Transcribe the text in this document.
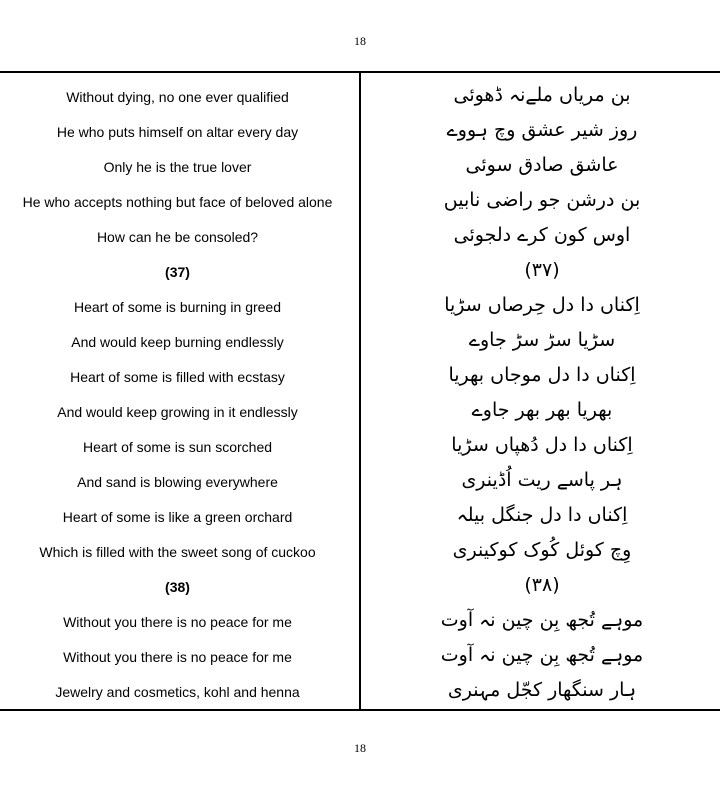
18
Without dying, no one ever qualified	بن مریاں ملےنہ ڈھوئی
He who puts himself on altar every day	روز شیر عشق وچ ہووے
Only he is the true lover	عاشق صادق سوئی
He who accepts nothing but face of beloved alone	بن درشن جو راضی نابیں
How can he be consoled?	اوس کون کرے دلجوئی
(37)	(۳۷)
Heart of some is burning in greed	اِکناں دا دل حِرصاں سڑیا
And would keep burning endlessly	سڑیا سڑ سڑ جاوے
Heart of some is filled with ecstasy	اِکناں دا دل موجاں بھریا
And would keep growing in it endlessly	بھریا بھر بھر جاوے
Heart of some is sun scorched	اِکناں دا دل دُھپاں سڑیا
And sand is blowing everywhere	ہر پاسے ریت اُڈینری
Heart of some is like a green orchard	اِکناں دا دل جنگل بیلہ
Which is filled with the sweet song of cuckoo	وِچ کوئل کُوک کوکینری
(38)	(۳۸)
Without you there is no peace for me	موہے تُجھ بِن چین نہ آوت
Without you there is no peace for me	موہے تُجھ بِن چین نہ آوت
Jewelry and cosmetics, kohl and henna	ہار سنگھار کجّل مہنری
18
